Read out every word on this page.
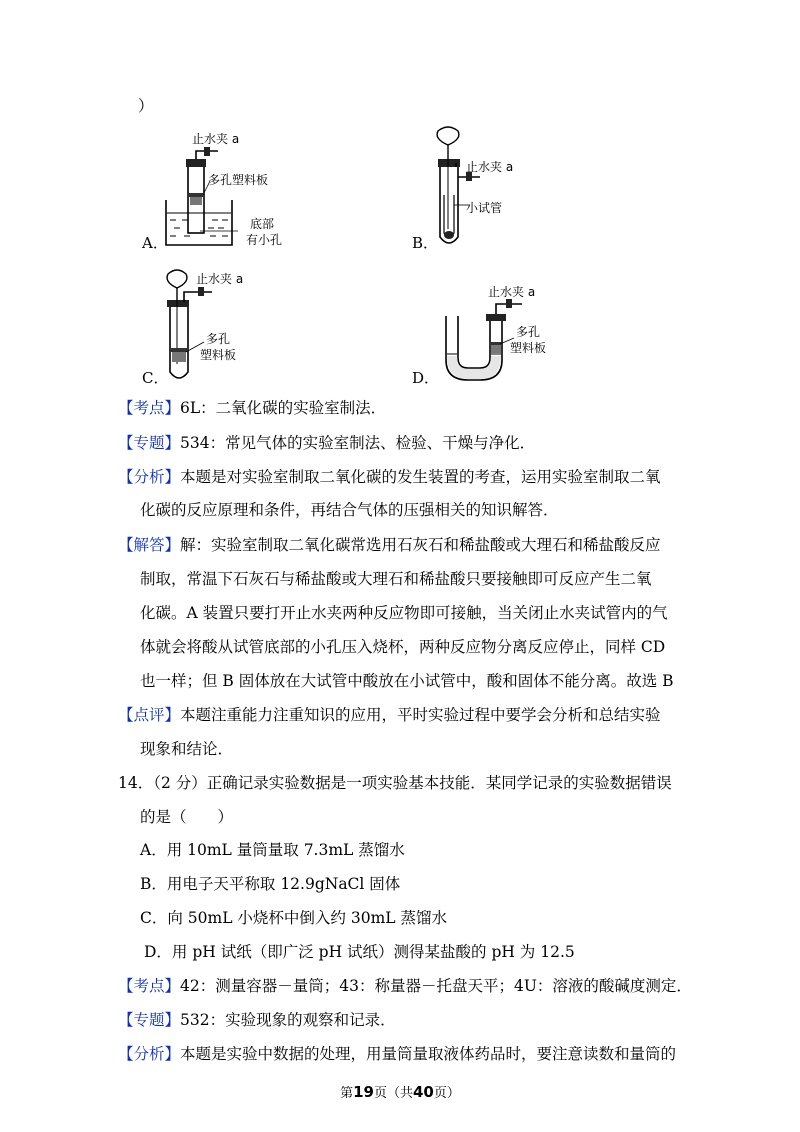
）
止水夹 a
多孔塑料板
底部
有小孔
A．
止水夹 a
小试管
B．
止水夹 a
多孔
塑料板
C．
止水夹 a
多孔
塑料板
D．
【考点】6L：二氧化碳的实验室制法．
【专题】534：常见气体的实验室制法、检验、干燥与净化．
【分析】本题是对实验室制取二氧化碳的发生装置的考查，运用实验室制取二氧
化碳的反应原理和条件，再结合气体的压强相关的知识解答．
【解答】解：实验室制取二氧化碳常选用石灰石和稀盐酸或大理石和稀盐酸反应
制取，常温下石灰石与稀盐酸或大理石和稀盐酸只要接触即可反应产生二氧
化碳。A 装置只要打开止水夹两种反应物即可接触，当关闭止水夹试管内的气
体就会将酸从试管底部的小孔压入烧杯，两种反应物分离反应停止，同样 CD
也一样；但 B 固体放在大试管中酸放在小试管中，酸和固体不能分离。故选 B
【点评】本题注重能力注重知识的应用，平时实验过程中要学会分析和总结实验
现象和结论．
14．（2 分）正确记录实验数据是一项实验基本技能．某同学记录的实验数据错误
的是（　　）
A．用 10mL 量筒量取 7.3mL 蒸馏水
B．用电子天平称取 12.9gNaCl 固体
C．向 50mL 小烧杯中倒入约 30mL 蒸馏水
D．用 pH 试纸（即广泛 pH 试纸）测得某盐酸的 pH 为 12.5
【考点】42：测量容器－量筒；43：称量器－托盘天平；4U：溶液的酸碱度测定．
【专题】532：实验现象的观察和记录．
【分析】本题是实验中数据的处理，用量筒量取液体药品时，要注意读数和量筒的
第19页（共40页）
